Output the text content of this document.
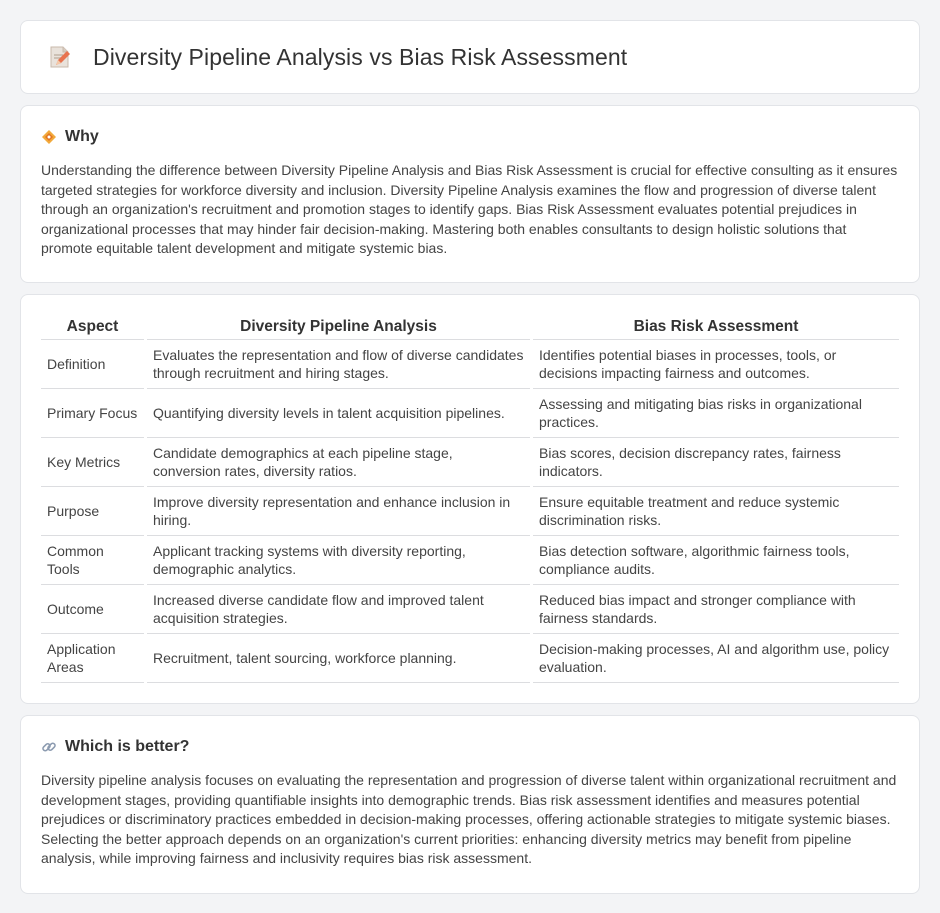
Diversity Pipeline Analysis vs Bias Risk Assessment
Why

Understanding the difference between Diversity Pipeline Analysis and Bias Risk Assessment is crucial for effective consulting as it ensures targeted strategies for workforce diversity and inclusion. Diversity Pipeline Analysis examines the flow and progression of diverse talent through an organization's recruitment and promotion stages to identify gaps. Bias Risk Assessment evaluates potential prejudices in organizational processes that may hinder fair decision-making. Mastering both enables consultants to design holistic solutions that promote equitable talent development and mitigate systemic bias.

Aspect	Diversity Pipeline Analysis	Bias Risk Assessment
Definition	Evaluates the representation and flow of diverse candidates through recruitment and hiring stages.	Identifies potential biases in processes, tools, or decisions impacting fairness and outcomes.
Primary Focus	Quantifying diversity levels in talent acquisition pipelines.	Assessing and mitigating bias risks in organizational practices.
Key Metrics	Candidate demographics at each pipeline stage, conversion rates, diversity ratios.	Bias scores, decision discrepancy rates, fairness indicators.
Purpose	Improve diversity representation and enhance inclusion in hiring.	Ensure equitable treatment and reduce systemic discrimination risks.
Common Tools	Applicant tracking systems with diversity reporting, demographic analytics.	Bias detection software, algorithmic fairness tools, compliance audits.
Outcome	Increased diverse candidate flow and improved talent acquisition strategies.	Reduced bias impact and stronger compliance with fairness standards.
Application Areas	Recruitment, talent sourcing, workforce planning.	Decision-making processes, AI and algorithm use, policy evaluation.
Which is better?

Diversity pipeline analysis focuses on evaluating the representation and progression of diverse talent within organizational recruitment and development stages, providing quantifiable insights into demographic trends. Bias risk assessment identifies and measures potential prejudices or discriminatory practices embedded in decision-making processes, offering actionable strategies to mitigate systemic biases. Selecting the better approach depends on an organization's current priorities: enhancing diversity metrics may benefit from pipeline analysis, while improving fairness and inclusivity requires bias risk assessment.
